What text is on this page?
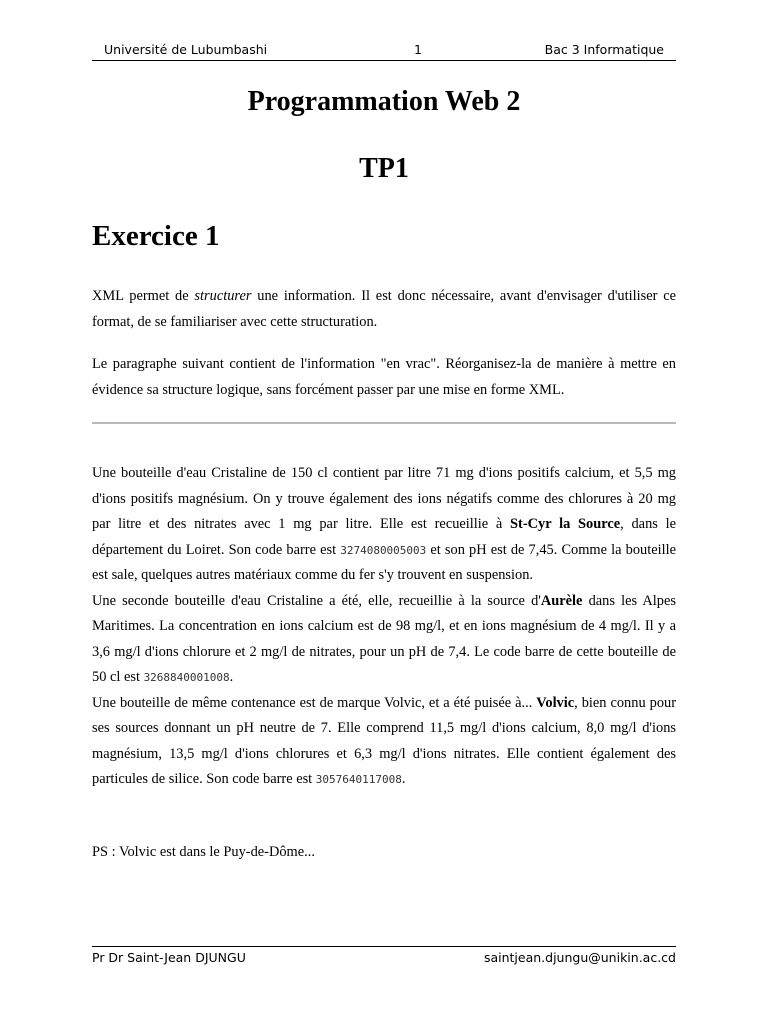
Université de Lubumbashi	1	Bac 3 Informatique
Programmation Web 2
TP1
Exercice 1

XML permet de structurer une information. Il est donc nécessaire, avant d'envisager d'utiliser ce format, de se familiariser avec cette structuration.

Le paragraphe suivant contient de l'information "en vrac". Réorganisez-la de manière à mettre en évidence sa structure logique, sans forcément passer par une mise en forme XML.

Une bouteille d'eau Cristaline de 150 cl contient par litre 71 mg d'ions positifs calcium, et 5,5 mg d'ions positifs magnésium. On y trouve également des ions négatifs comme des chlorures à 20 mg par litre et des nitrates avec 1 mg par litre. Elle est recueillie à St-Cyr la Source, dans le département du Loiret. Son code barre est 3274080005003 et son pH est de 7,45. Comme la bouteille est sale, quelques autres matériaux comme du fer s'y trouvent en suspension.
Une seconde bouteille d'eau Cristaline a été, elle, recueillie à la source d'Aurèle dans les Alpes Maritimes. La concentration en ions calcium est de 98 mg/l, et en ions magnésium de 4 mg/l. Il y a 3,6 mg/l d'ions chlorure et 2 mg/l de nitrates, pour un pH de 7,4. Le code barre de cette bouteille de 50 cl est 3268840001008.
Une bouteille de même contenance est de marque Volvic, et a été puisée à... Volvic, bien connu pour ses sources donnant un pH neutre de 7. Elle comprend 11,5 mg/l d'ions calcium, 8,0 mg/l d'ions magnésium, 13,5 mg/l d'ions chlorures et 6,3 mg/l d'ions nitrates. Elle contient également des particules de silice. Son code barre est 3057640117008.

PS : Volvic est dans le Puy-de-Dôme...

Pr Dr Saint-Jean DJUNGU	saintjean.djungu@unikin.ac.cd
